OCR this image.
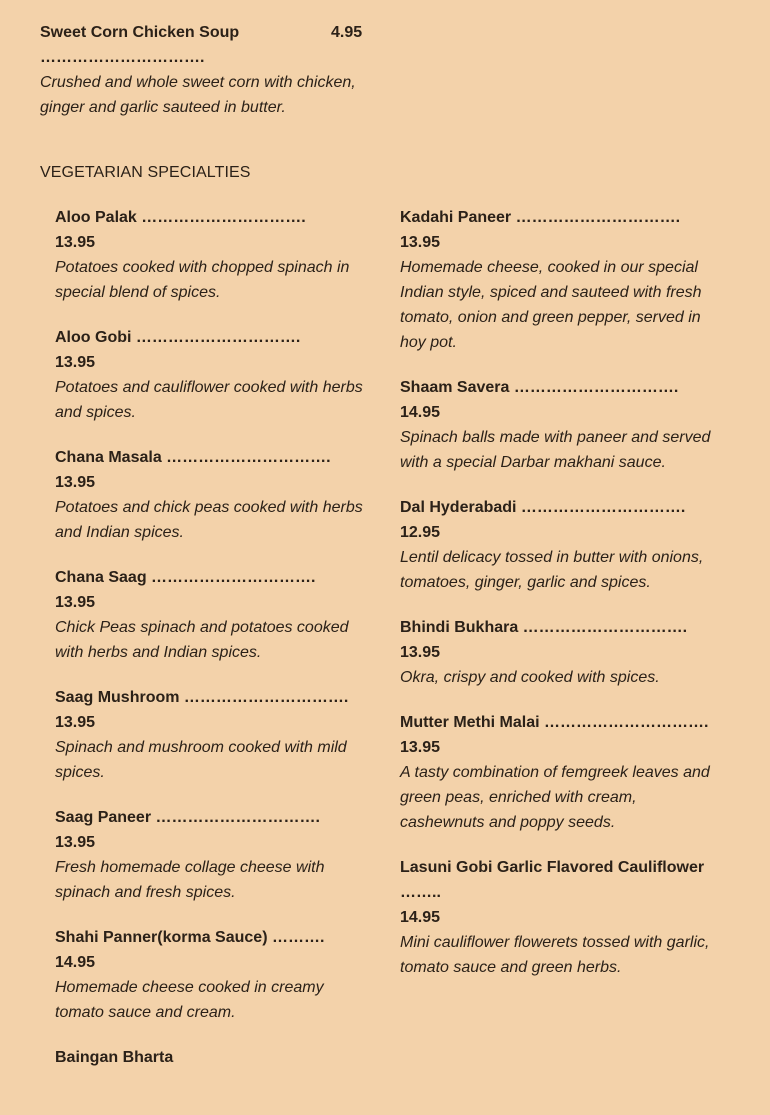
Sweet Corn Chicken Soup	4.95
………………………….
Crushed and whole sweet corn with chicken, ginger and garlic sauteed in butter.
VEGETARIAN SPECIALTIES
Aloo Palak ………………………….
13.95
Potatoes cooked with chopped spinach in special blend of spices.
Aloo Gobi ………………………….
13.95
Potatoes and cauliflower cooked with herbs and spices.
Chana Masala ………………………….
13.95
Potatoes and chick peas cooked with herbs and Indian spices.
Chana Saag ………………………….
13.95
Chick Peas spinach and potatoes cooked with herbs and Indian spices.
Saag Mushroom ………………………….
13.95
Spinach and mushroom cooked with mild spices.
Saag Paneer ………………………….
13.95
Fresh homemade collage cheese with spinach and fresh spices.
Shahi Panner(korma Sauce) ……….
14.95
Homemade cheese cooked in creamy tomato sauce and cream.
Baingan Bharta
Kadahi Paneer ………………………….
13.95
Homemade cheese, cooked in our special Indian style, spiced and sauteed with fresh tomato, onion and green pepper, served in hoy pot.
Shaam Savera ………………………….
14.95
Spinach balls made with paneer and served with a special Darbar makhani sauce.
Dal Hyderabadi ………………………….
12.95
Lentil delicacy tossed in butter with onions, tomatoes, ginger, garlic and spices.
Bhindi Bukhara ………………………….
13.95
Okra, crispy and cooked with spices.
Mutter Methi Malai ………………………….
13.95
A tasty combination of femgreek leaves and green peas, enriched with cream, cashewnuts and poppy seeds.
Lasuni Gobi Garlic Flavored Cauliflower ……..
14.95
Mini cauliflower flowerets tossed with garlic, tomato sauce and green herbs.
